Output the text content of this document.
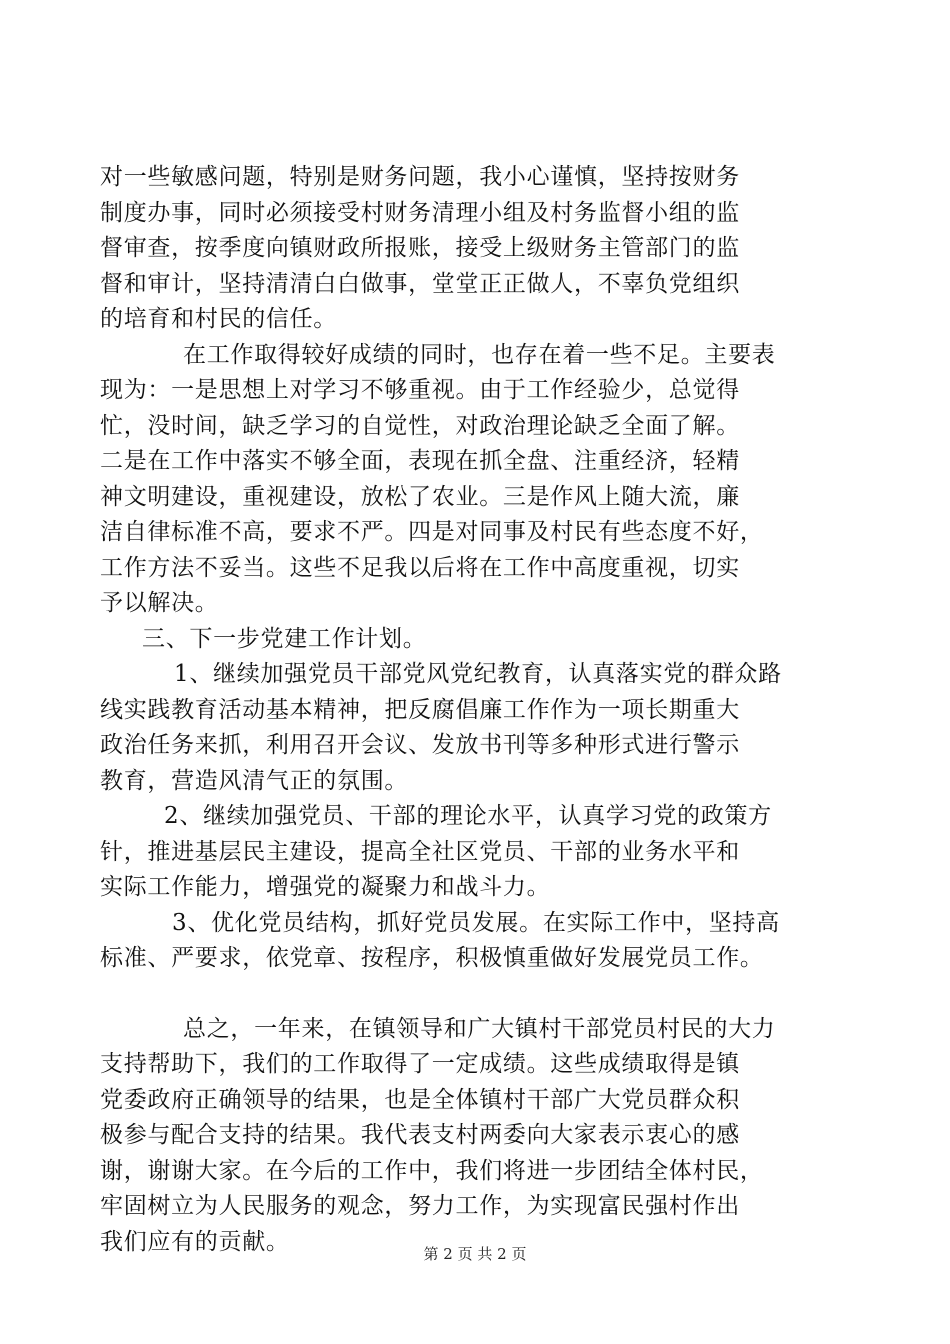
对一些敏感问题，特别是财务问题，我小心谨慎，坚持按财务
制度办事，同时必须接受村财务清理小组及村务监督小组的监
督审查，按季度向镇财政所报账，接受上级财务主管部门的监
督和审计，坚持清清白白做事，堂堂正正做人，不辜负党组织
的培育和村民的信任。
在工作取得较好成绩的同时，也存在着一些不足。主要表
现为：一是思想上对学习不够重视。由于工作经验少，总觉得
忙，没时间，缺乏学习的自觉性，对政治理论缺乏全面了解。
二是在工作中落实不够全面，表现在抓全盘、注重经济，轻精
神文明建设，重视建设，放松了农业。三是作风上随大流，廉
洁自律标准不高，要求不严。四是对同事及村民有些态度不好，
工作方法不妥当。这些不足我以后将在工作中高度重视，切实
予以解决。
三、下一步党建工作计划。
1、继续加强党员干部党风党纪教育，认真落实党的群众路
线实践教育活动基本精神，把反腐倡廉工作作为一项长期重大
政治任务来抓，利用召开会议、发放书刊等多种形式进行警示
教育，营造风清气正的氛围。
2、继续加强党员、干部的理论水平，认真学习党的政策方
针，推进基层民主建设，提高全社区党员、干部的业务水平和
实际工作能力，增强党的凝聚力和战斗力。
3、优化党员结构，抓好党员发展。在实际工作中，坚持高
标准、严要求，依党章、按程序，积极慎重做好发展党员工作。
总之，一年来，在镇领导和广大镇村干部党员村民的大力
支持帮助下，我们的工作取得了一定成绩。这些成绩取得是镇
党委政府正确领导的结果，也是全体镇村干部广大党员群众积
极参与配合支持的结果。我代表支村两委向大家表示衷心的感
谢，谢谢大家。在今后的工作中，我们将进一步团结全体村民，
牢固树立为人民服务的观念，努力工作，为实现富民强村作出
我们应有的贡献。	第 2 页 共 2 页
